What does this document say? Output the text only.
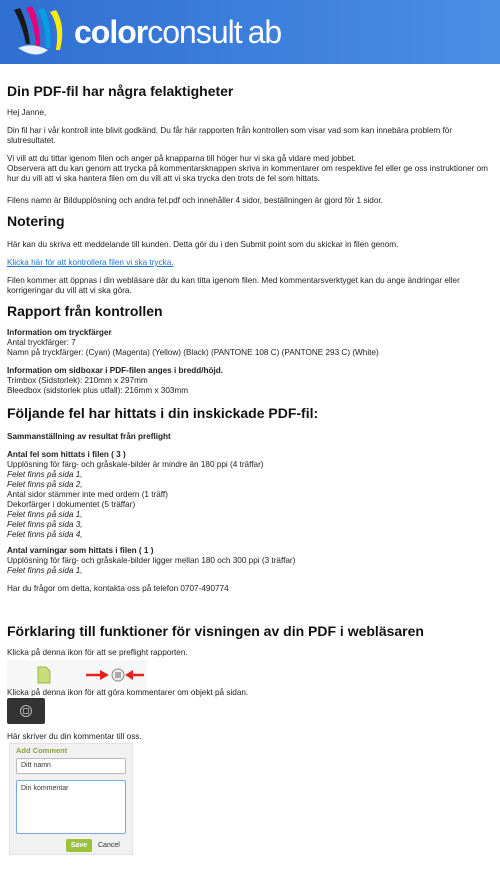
colorconsult ab
Din PDF-fil har några felaktigheter

Hej Janne,

Din fil har i vår kontroll inte blivit godkänd. Du får här rapporten från kontrollen som visar vad som kan innebära problem för slutresultatet.

Vi vill att du tittar igenom filen och anger på knapparna till höger hur vi ska gå vidare med jobbet.

Observera att du kan genom att trycka på kommentarsknappen skriva in kommentarer om respektive fel eller ge oss instruktioner om hur du vill att vi ska hantera filen om du vill att vi ska trycka den trots de fel som hittats.

Filens namn är Bildupplösning och andra fel.pdf och innehåller 4 sidor, beställningen är gjord för 1 sidor.

Notering

Här kan du skriva ett meddelande till kunden. Detta gör du i den Submit point som du skickar in filen genom.

Klicka här för att kontrollera filen vi ska trycka.

Filen kommer att öppnas i din webläsare där du kan titta igenom filen. Med kommentarsverktyget kan du ange ändringar eller korrigeringar du vill att vi ska göra.

Rapport från kontrollen

Information om tryckfärger

Antal tryckfärger: 7

Namn på tryckfärger: (Cyan) (Magenta) (Yellow) (Black) (PANTONE 108 C) (PANTONE 293 C) (White)

Information om sidboxar i PDF-filen anges i bredd/höjd.

Trimbox (Sidstorlek): 210mm x 297mm

Bleedbox (sidstorlek plus utfall): 216mm x 303mm

Följande fel har hittats i din inskickade PDF-fil:

Sammanställning av resultat från preflight

Antal fel som hittats i filen ( 3 )

Upplösning för färg- och gråskale-bilder är mindre än 180 ppi (4 träffar)

Felet finns på sida 1,

Felet finns på sida 2,

Antal sidor stämmer inte med ordern (1 träff)

Dekorfärger i dokumentet (5 träffar)

Felet finns på sida 1,

Felet finns på sida 3,

Felet finns på sida 4,

Antal varningar som hittats i filen ( 1 )

Upplösning för färg- och gråskale-bilder ligger mellan 180 och 300 ppi (3 träffar)

Felet finns på sida 1,

Har du frågor om detta, kontakta oss på telefon 0707-490774

Förklaring till funktioner för visningen av din PDF i webläsaren

Klicka på denna ikon för att se preflight rapporten.

Klicka på denna ikon för att göra kommentarer om objekt på sidan.

Här skriver du din kommentar till oss.

Add Comment
Ditt namn
Din kommentar
Save	Cancel
